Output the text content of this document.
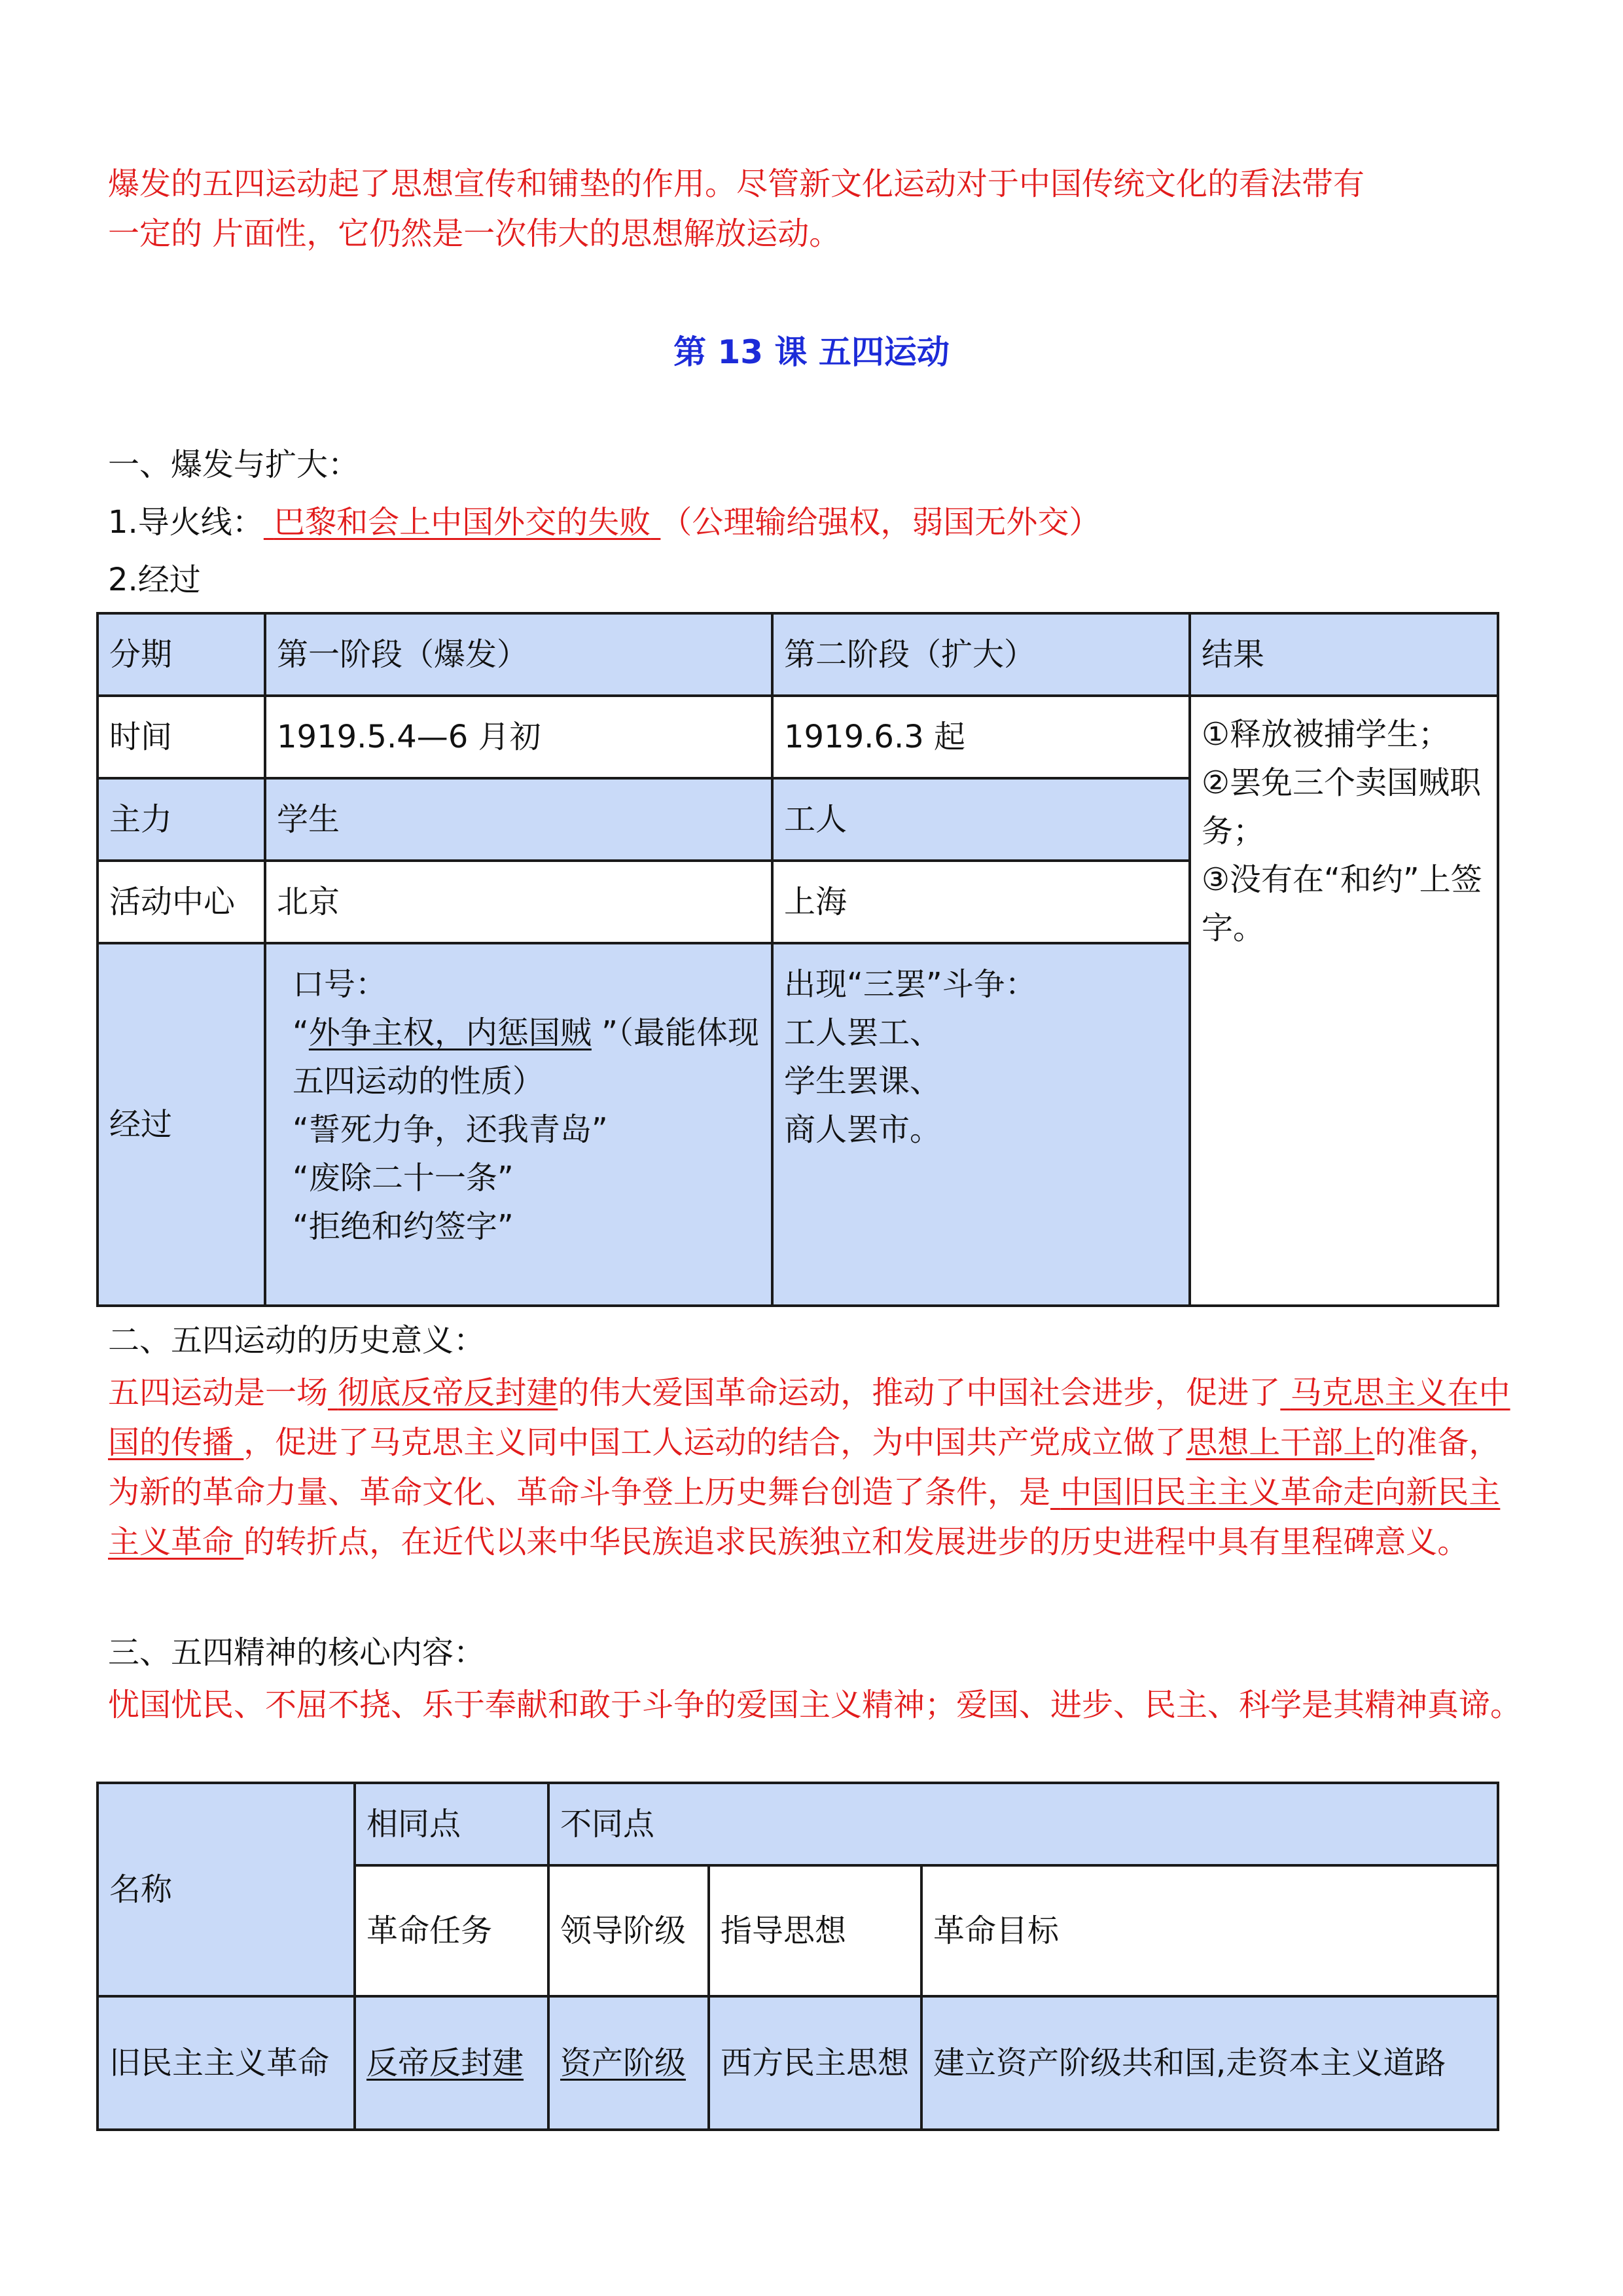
爆发的五四运动起了思想宣传和铺垫的作用。尽管新文化运动对于中国传统文化的看法带有
一定的 片面性，它仍然是一次伟大的思想解放运动。

第 13 课 五四运动

一、爆发与扩大：

1.导火线： 巴黎和会上中国外交的失败 （公理输给强权，弱国无外交）

2.经过

分期	第一阶段（爆发）	第二阶段（扩大）	结果
时间	1919.5.4—6 月初	1919.6.3 起	①释放被捕学生；
②罢免三个卖国贼职务；
③没有在“和约”上签字。

主力	学生	工人	
活动中心	北京	上海	
经过	口号：
“外争主权，内惩国贼 ”（最能体现五四运动的性质）
“誓死力争，还我青岛”
“废除二十一条”
“拒绝和约签字”	出现“三罢”斗争：
工人罢工、
学生罢课、
商人罢市。	

二、五四运动的历史意义：

五四运动是一场 彻底反帝反封建的伟大爱国革命运动，推动了中国社会进步，促进了 马克思主义在中国的传播 ，促进了马克思主义同中国工人运动的结合，为中国共产党成立做了思想上干部上的准备，为新的革命力量、革命文化、革命斗争登上历史舞台创造了条件，是 中国旧民主主义革命走向新民主主义革命 的转折点，在近代以来中华民族追求民族独立和发展进步的历史进程中具有里程碑意义。

三、五四精神的核心内容：

忧国忧民、不屈不挠、乐于奉献和敢于斗争的爱国主义精神；爱国、进步、民主、科学是其精神真谛。

名称	相同点	不同点		
	革命任务	领导阶级	指导思想	革命目标
旧民主主义革命	反帝反封建	资产阶级	西方民主思想	建立资产阶级共和国,走资本主义道路
